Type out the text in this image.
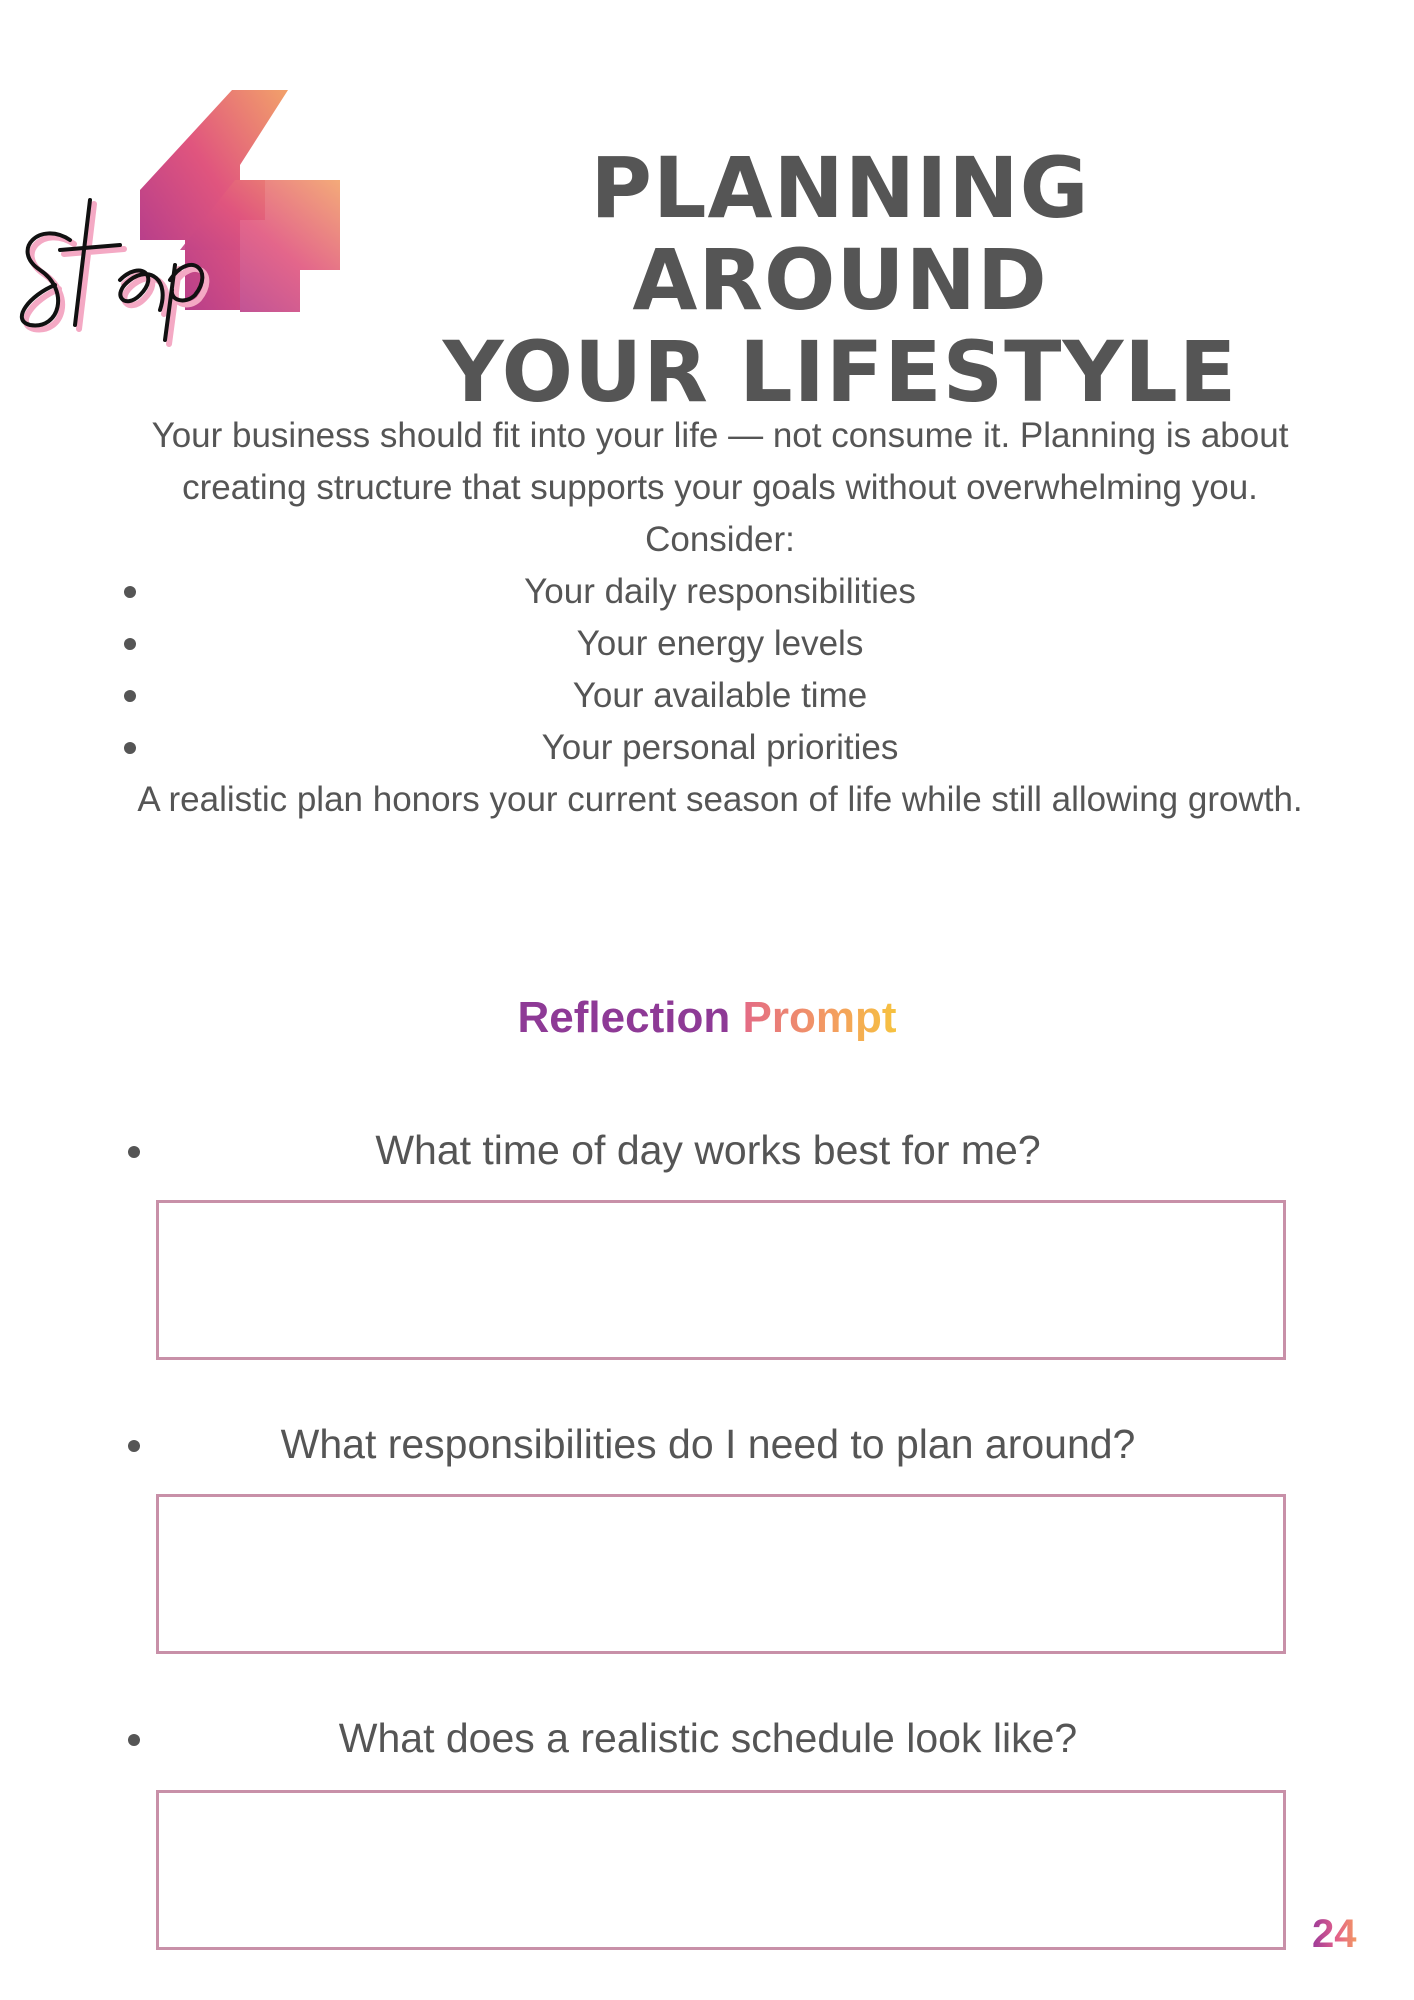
PLANNING AROUND
YOUR LIFESTYLE

Your business should fit into your life — not consume it. Planning is about creating structure that supports your goals without overwhelming you.

Consider:

Your daily responsibilities
Your energy levels
Your available time
Your personal priorities

A realistic plan honors your current season of life while still allowing growth.

Reflection Prompt
What time of day works best for me?
What responsibilities do I need to plan around?
What does a realistic schedule look like?
24
